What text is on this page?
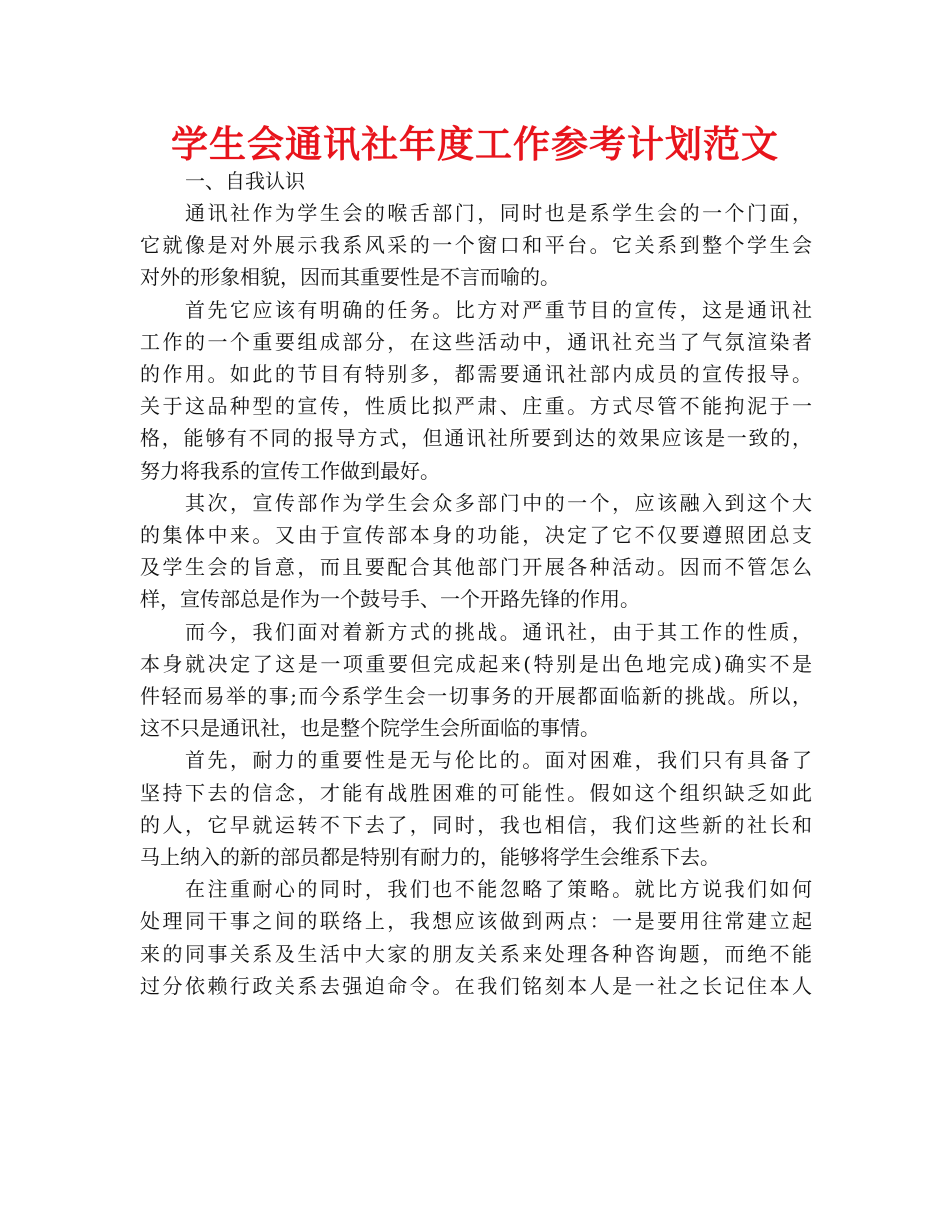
学生会通讯社年度工作参考计划范文
一、自我认识
通讯社作为学生会的喉舌部门，同时也是系学生会的一个门面，
它就像是对外展示我系风采的一个窗口和平台。它关系到整个学生会
对外的形象相貌，因而其重要性是不言而喻的。
首先它应该有明确的任务。比方对严重节目的宣传，这是通讯社
工作的一个重要组成部分，在这些活动中，通讯社充当了气氛渲染者
的作用。如此的节目有特别多，都需要通讯社部内成员的宣传报导。
关于这品种型的宣传，性质比拟严肃、庄重。方式尽管不能拘泥于一
格，能够有不同的报导方式，但通讯社所要到达的效果应该是一致的，
努力将我系的宣传工作做到最好。
其次，宣传部作为学生会众多部门中的一个，应该融入到这个大
的集体中来。又由于宣传部本身的功能，决定了它不仅要遵照团总支
及学生会的旨意，而且要配合其他部门开展各种活动。因而不管怎么
样，宣传部总是作为一个鼓号手、一个开路先锋的作用。
而今，我们面对着新方式的挑战。通讯社，由于其工作的性质，
本身就决定了这是一项重要但完成起来(特别是出色地完成)确实不是
件轻而易举的事;而今系学生会一切事务的开展都面临新的挑战。所以，
这不只是通讯社，也是整个院学生会所面临的事情。
首先，耐力的重要性是无与伦比的。面对困难，我们只有具备了
坚持下去的信念，才能有战胜困难的可能性。假如这个组织缺乏如此
的人，它早就运转不下去了，同时，我也相信，我们这些新的社长和
马上纳入的新的部员都是特别有耐力的，能够将学生会维系下去。
在注重耐心的同时，我们也不能忽略了策略。就比方说我们如何
处理同干事之间的联络上，我想应该做到两点：一是要用往常建立起
来的同事关系及生活中大家的朋友关系来处理各种咨询题，而绝不能
过分依赖行政关系去强迫命令。在我们铭刻本人是一社之长记住本人
